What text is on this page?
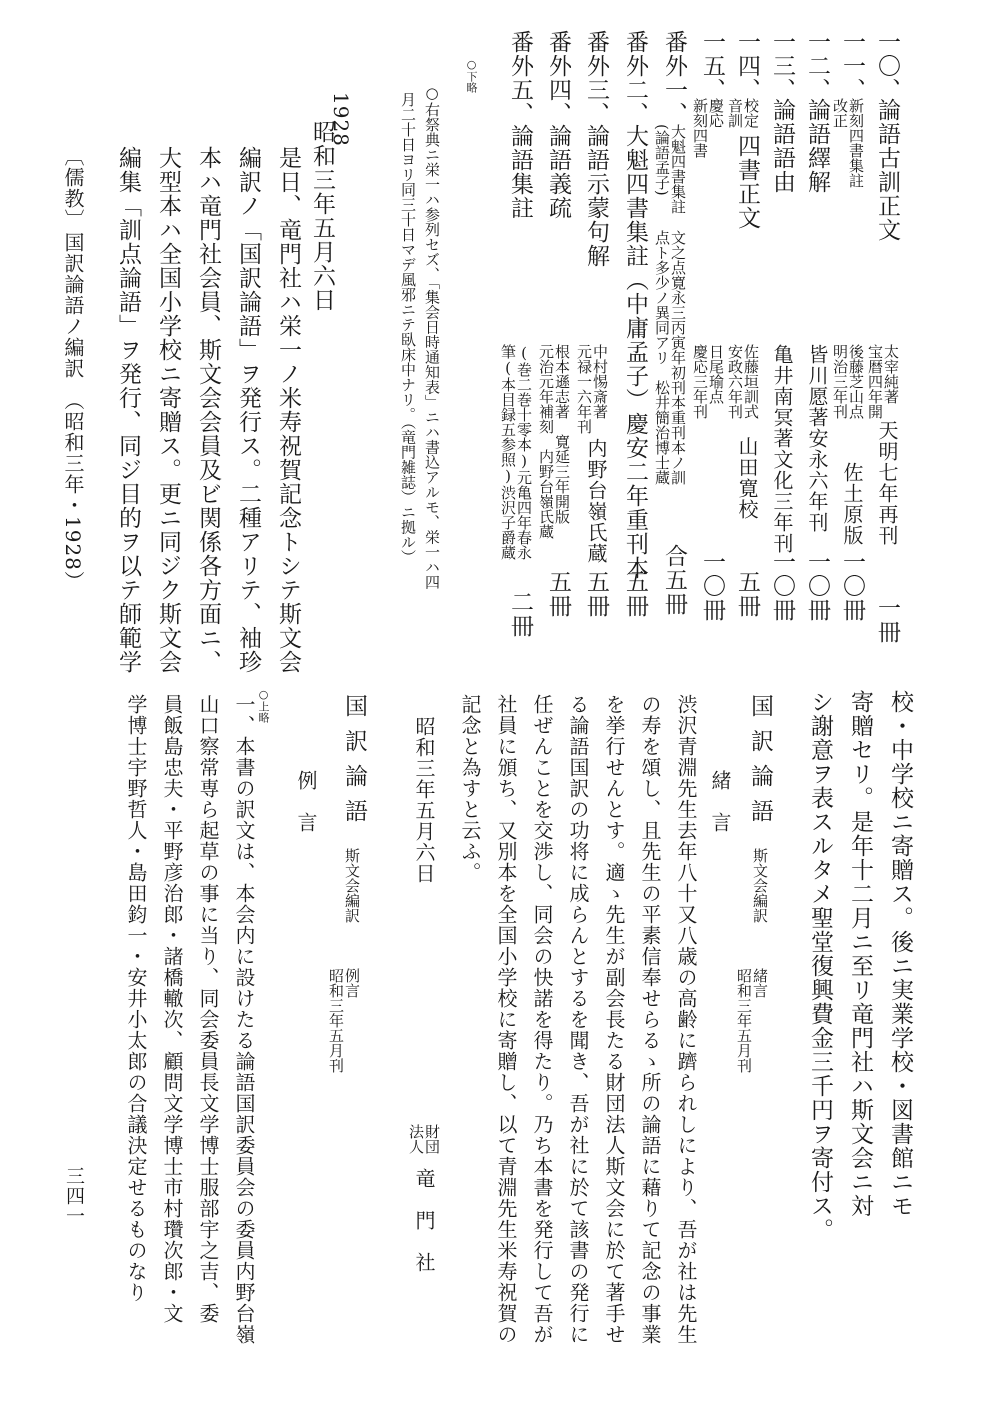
一〇、
論語古訓正文
太宰純著
宝暦四年開
天明七年再刊
一冊
一一、
新刻四書集註
改正
後藤芝山点
明治三年刊
佐土原版
一〇冊
一二、
論語繹解
皆川愿著安永六年刊
一〇冊
一三、
論語語由
亀井南冥著文化三年刊
一〇冊
一四、
校定
音訓
四書正文
佐藤垣訓式
安政六年刊
山田寛校
五冊
一五、
慶応
新刻四書
日尾瑜点
慶応三年刊
一〇冊
番外一、
大魁四書集註
(論語孟子)
文之点寛永三丙寅年初刊本重刊本ノ訓
点ト多少ノ異同アリ　松井簡治博士蔵
合五冊
番外二、
大魁四書集註（中庸孟子）慶安二年重刊本
五冊
番外三、
論語示蒙句解
中村惕斎著
元禄一六年刊
内野台嶺氏蔵
五冊
番外四、
論語義疏
根本遜志著　寛延三年開版
元治元年補刻　内野台嶺氏蔵
五冊
番外五、
論語集註
(巻二巻十零本)元亀四年春永
筆(本目録五参照)渋沢子爵蔵
二冊
○下略
○右祭典ニ栄一ハ参列セズ、「集会日時通知表」ニハ書込アルモ、栄一ハ四
月二十日ヨリ同三十日マデ風邪ニテ臥床中ナリ。（竜門雑誌）ニ拠ル）
1928
昭和三年五月六日
是日、竜門社ハ栄一ノ米寿祝賀記念トシテ斯文会
編訳ノ「国訳論語」ヲ発行ス。二種アリテ、袖珍
本ハ竜門社会員、斯文会会員及ビ関係各方面ニ、
大型本ハ全国小学校ニ寄贈ス。更ニ同ジク斯文会
編集「訓点論語」ヲ発行、同ジ目的ヲ以テ師範学
〔儒教〕
国訳論語ノ編訳
（昭和三年・1928）
校・中学校ニ寄贈ス。後ニ実業学校・図書館ニモ
寄贈セリ。是年十二月ニ至リ竜門社ハ斯文会ニ対
シ謝意ヲ表スルタメ聖堂復興費金三千円ヲ寄付ス。
国訳論語
斯文会編訳
緒言
昭和三年五月刊
緒　言
渋沢青淵先生去年八十又八歳の高齢に躋られしにより、吾が社は先生
の寿を頌し、且先生の平素信奉せらるゝ所の論語に藉りて記念の事業
を挙行せんとす。適ゝ先生が副会長たる財団法人斯文会に於て著手せ
る論語国訳の功将に成らんとするを聞き、吾が社に於て該書の発行に
任ぜんことを交渉し、同会の快諾を得たり。乃ち本書を発行して吾が
社員に頒ち、又別本を全国小学校に寄贈し、以て青淵先生米寿祝賀の
記念と為すと云ふ。
昭和三年五月六日
財団
法人
竜　門　社
国訳論語
斯文会編訳
例言
昭和三年五月刊
例　言
○上略
一、本書の訳文は、本会内に設けたる論語国訳委員会の委員内野台嶺
山口察常専ら起草の事に当り、同会委員長文学博士服部宇之吉、委
員飯島忠夫・平野彦治郎・諸橋轍次、顧問文学博士市村瓚次郎・文
学博士宇野哲人・島田鈞一・安井小太郎の合議決定せるものなり
三四一
